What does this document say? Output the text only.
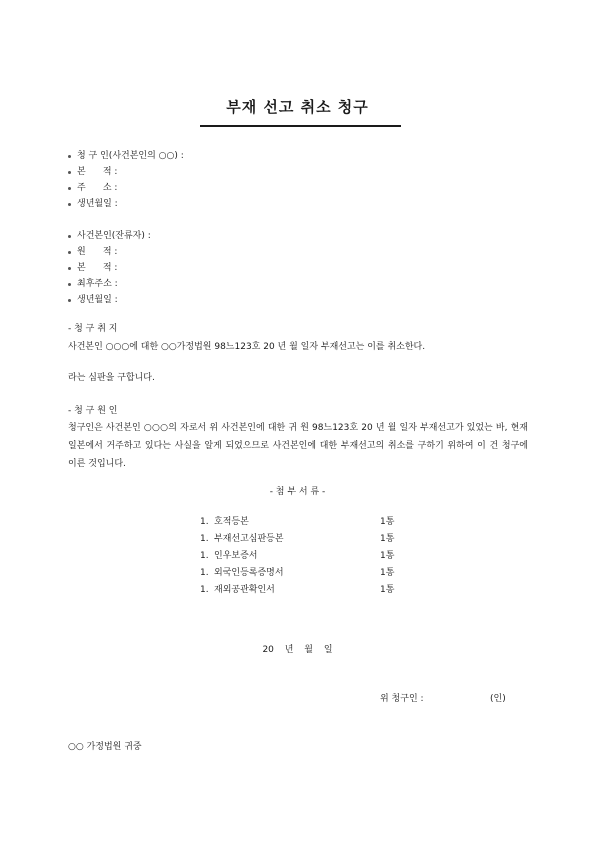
부재 선고 취소 청구
청 구 인(사건본인의 ○○) :
본      적 :
주      소 :
생년월일 :
사건본인(잔류자) :
원      적 :
본      적 :
최후주소 :
생년월일 :
- 청 구 취 지
사건본인 ○○○에 대한 ○○가정법원 98느123호 20 년 월 일자 부재선고는 이를 취소한다.
라는 심판을 구합니다.
- 청 구 원 인
청구인은 사건본인 ○○○의 자로서 위 사건본인에 대한 귀 원 98느123호 20 년 월 일자 부재선고가 있었는 바, 현재 일본에서 거주하고 있다는 사실을 알게 되었으므로 사건본인에 대한 부재선고의 취소를 구하기 위하여 이 건 청구에 이른 것입니다.
- 첨 부 서 류 -
1. 호적등본	1통
1. 부재선고심판등본	1통
1. 인우보증서	1통
1. 외국인등록증명서	1통
1. 재외공관확인서	1통
20 년 월 일
위 청구인 :	(인)
○○ 가정법원 귀중
